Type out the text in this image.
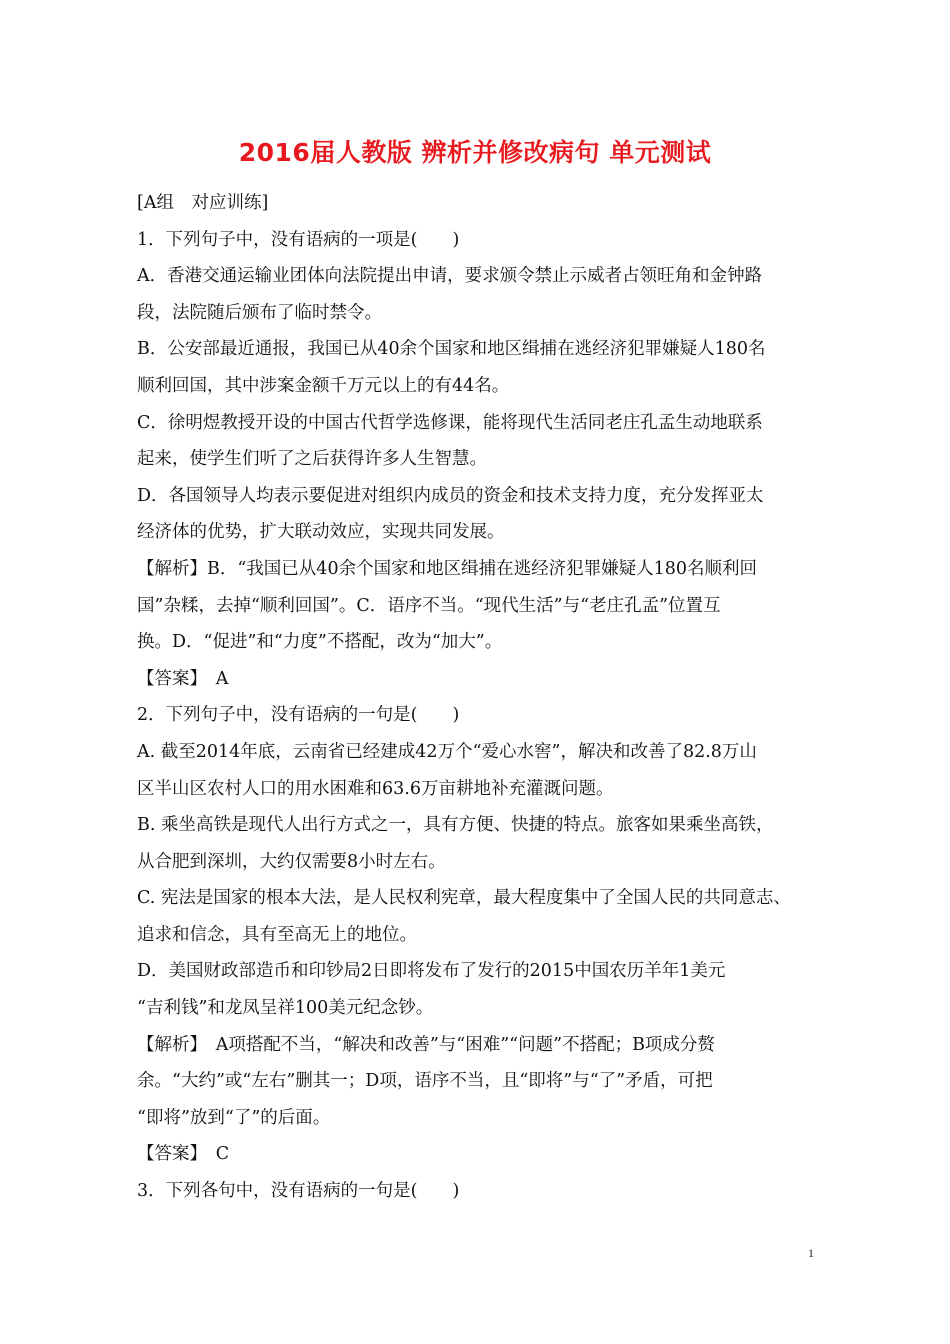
2016届人教版 辨析并修改病句 单元测试
[A组　对应训练]
1．下列句子中，没有语病的一项是(　　)
A．香港交通运输业团体向法院提出申请，要求颁令禁止示威者占领旺角和金钟路
段，法院随后颁布了临时禁令。
B．公安部最近通报，我国已从40余个国家和地区缉捕在逃经济犯罪嫌疑人180名
顺利回国，其中涉案金额千万元以上的有44名。
C．徐明煜教授开设的中国古代哲学选修课，能将现代生活同老庄孔孟生动地联系
起来，使学生们听了之后获得许多人生智慧。
D．各国领导人均表示要促进对组织内成员的资金和技术支持力度，充分发挥亚太
经济体的优势，扩大联动效应，实现共同发展。
【解析】B．“我国已从40余个国家和地区缉捕在逃经济犯罪嫌疑人180名顺利回
国”杂糅，去掉“顺利回国”。C．语序不当。“现代生活”与“老庄孔孟”位置互
换。D．“促进”和“力度”不搭配，改为“加大”。
【答案】　A
2．下列句子中，没有语病的一句是(　　)
A. 截至2014年底，云南省已经建成42万个“爱心水窖”，解决和改善了82.8万山
区半山区农村人口的用水困难和63.6万亩耕地补充灌溉问题。
B. 乘坐高铁是现代人出行方式之一，具有方便、快捷的特点。旅客如果乘坐高铁，
从合肥到深圳，大约仅需要8小时左右。
C. 宪法是国家的根本大法，是人民权利宪章，最大程度集中了全国人民的共同意志、
追求和信念，具有至高无上的地位。
D．美国财政部造币和印钞局2日即将发布了发行的2015中国农历羊年1美元
“吉利钱”和龙凤呈祥100美元纪念钞。
【解析】　A项搭配不当，“解决和改善”与“困难”“问题”不搭配；B项成分赘
余。“大约”或“左右”删其一；D项，语序不当，且“即将”与“了”矛盾，可把
“即将”放到“了”的后面。
【答案】　C
3．下列各句中，没有语病的一句是(　　)
1
